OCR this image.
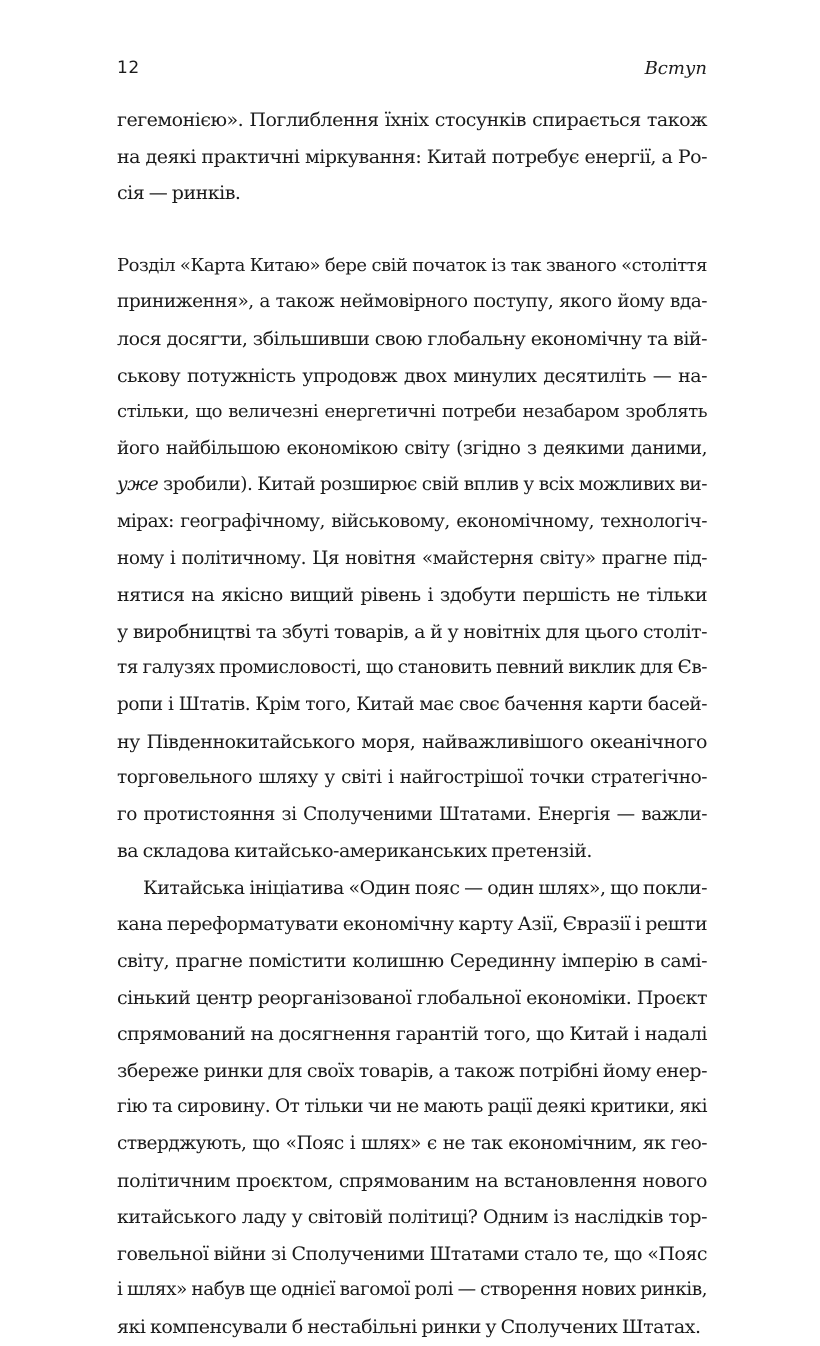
12	Вступ
гегемонією». Поглиблення їхніх стосунків спирається також
на деякі практичні міркування: Китай потребує енергії, а Ро-
сія — ринків.
Розділ «Карта Китаю» бере свій початок із так званого «століття
приниження», а також неймовірного поступу, якого йому вда-
лося досягти, збільшивши свою глобальну економічну та вій-
ськову потужність упродовж двох минулих десятиліть — на-
стільки, що величезні енергетичні потреби незабаром зроблять
його найбільшою економікою світу (згідно з деякими даними,
уже зробили). Китай розширює свій вплив у всіх можливих ви-
мірах: географічному, військовому, економічному, технологіч-
ному і політичному. Ця новітня «майстерня світу» прагне під-
нятися на якісно вищий рівень і здобути першість не тільки
у виробництві та збуті товарів, а й у новітніх для цього століт-
тя галузях промисловості, що становить певний виклик для Єв-
ропи і Штатів. Крім того, Китай має своє бачення карти басей-
ну Південнокитайського моря, найважливішого океанічного
торговельного шляху у світі і найгострішої точки стратегічно-
го протистояння зі Сполученими Штатами. Енергія — важли-
ва складова китайсько-американських претензій.
Китайська ініціатива «Один пояс — один шлях», що покли-
кана переформатувати економічну карту Азії, Євразії і решти
світу, прагне помістити колишню Серединну імперію в самі-
сінький центр реорганізованої глобальної економіки. Проєкт
спрямований на досягнення гарантій того, що Китай і надалі
збереже ринки для своїх товарів, а також потрібні йому енер-
гію та сировину. От тільки чи не мають рації деякі критики, які
стверджують, що «Пояс і шлях» є не так економічним, як гео-
політичним проєктом, спрямованим на встановлення нового
китайського ладу у світовій політиці? Одним із наслідків тор-
говельної війни зі Сполученими Штатами стало те, що «Пояс
і шлях» набув ще однієї вагомої ролі — створення нових ринків,
які компенсували б нестабільні ринки у Сполучених Штатах.
